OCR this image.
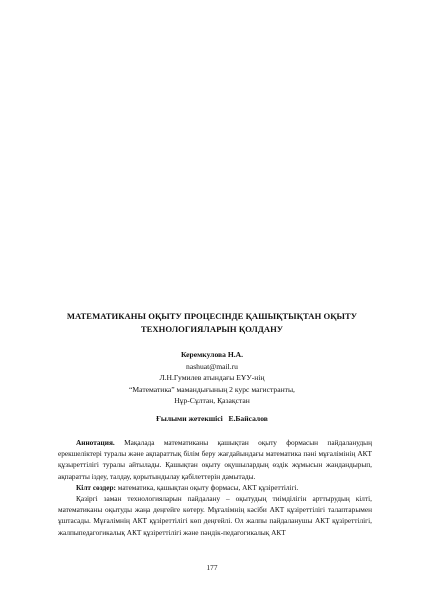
МАТЕМАТИКАНЫ ОҚЫТУ ПРОЦЕСІНДЕ ҚАШЫҚТЫҚТАН ОҚЫТУ
ТЕХНОЛОГИЯЛАРЫН ҚОЛДАНУ
Керемкулова Н.А.
nashuat@mail.ru
Л.Н.Гумилев атындағы ЕҰУ-нің
“Математика” мамандығының 2 курс магистранты,
Нұр-Сұлтан, Қазақстан
Ғылыми жетекшісі Е.Байсалов

Аннотация. Мақалада математиканы қашықтан оқыту формасын пайдаланудың ерекшеліктері туралы және ақпараттық білім беру жағдайындағы математика пәні мұғалімінің АКТ құзыреттілігі туралы айтылады. Қашықтан оқыту оқушылардың өздік жұмысын жандандырып, ақпаратты іздеу, талдау, қорытындылау қабілеттерін дамытады.

Кілт сөздер: математика, қашықтан оқыту формасы, АКТ құзіреттілігі.

Қазіргі заман технологияларын пайдалану – оқытудың тиімділігін арттырудың кілті, математиканы оқытуды жаңа деңгейге көтеру. Мұғалімнің кәсіби АКТ құзіреттілігі талаптарымен ұштасады. Мұғалімнің АКТ құзіреттілігі көп деңгейлі. Ол жалпы пайдаланушы АКТ құзіреттілігі, жалпыпедагогикалық АКТ құзіреттілігі және пәндік-педагогикалық АКТ

177
